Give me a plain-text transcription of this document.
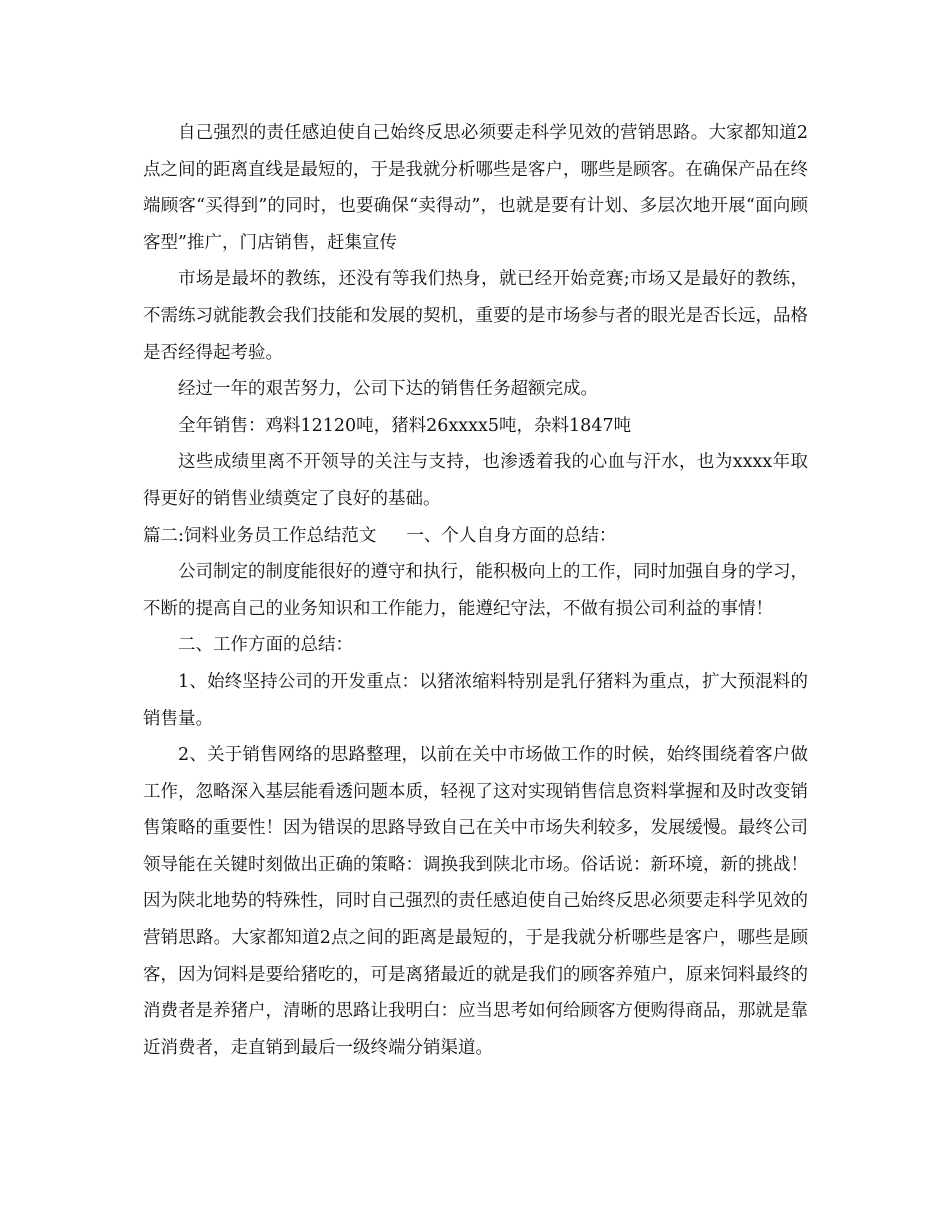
自己强烈的责任感迫使自己始终反思必须要走科学见效的营销思路。大家都知道2点之间的距离直线是最短的，于是我就分析哪些是客户，哪些是顾客。在确保产品在终端顾客“买得到”的同时，也要确保“卖得动”，也就是要有计划、多层次地开展“面向顾客型”推广，门店销售，赶集宣传

市场是最坏的教练，还没有等我们热身，就已经开始竞赛;市场又是最好的教练，不需练习就能教会我们技能和发展的契机，重要的是市场参与者的眼光是否长远，品格是否经得起考验。

经过一年的艰苦努力，公司下达的销售任务超额完成。

全年销售：鸡料12120吨，猪料26xxxx5吨，杂料1847吨

这些成绩里离不开领导的关注与支持，也渗透着我的心血与汗水，也为xxxx年取得更好的销售业绩奠定了良好的基础。

篇二:饲料业务员工作总结范文 一、个人自身方面的总结：

公司制定的制度能很好的遵守和执行，能积极向上的工作，同时加强自身的学习，不断的提高自己的业务知识和工作能力，能遵纪守法，不做有损公司利益的事情！

二、工作方面的总结：

1、始终坚持公司的开发重点：以猪浓缩料特别是乳仔猪料为重点，扩大预混料的销售量。

2、关于销售网络的思路整理，以前在关中市场做工作的时候，始终围绕着客户做工作，忽略深入基层能看透问题本质，轻视了这对实现销售信息资料掌握和及时改变销售策略的重要性！因为错误的思路导致自己在关中市场失利较多，发展缓慢。最终公司领导能在关键时刻做出正确的策略：调换我到陕北市场。俗话说：新环境，新的挑战！因为陕北地势的特殊性，同时自己强烈的责任感迫使自己始终反思必须要走科学见效的营销思路。大家都知道2点之间的距离是最短的，于是我就分析哪些是客户，哪些是顾客，因为饲料是要给猪吃的，可是离猪最近的就是我们的顾客养殖户，原来饲料最终的消费者是养猪户，清晰的思路让我明白：应当思考如何给顾客方便购得商品，那就是靠近消费者，走直销到最后一级终端分销渠道。
